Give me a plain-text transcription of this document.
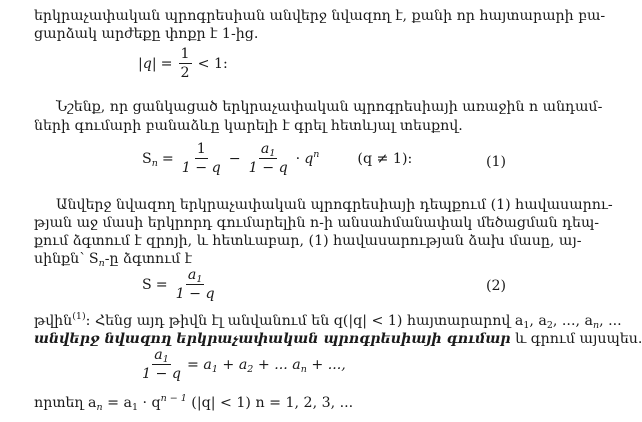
երկրաչափական պրոգրեսիան անվերջ նվազող է, քանի որ հայտարարի բա-
ցարձակ արժեքը փոքր է 1-ից.
$|q| = \frac{1}{2} < 1$:
Նշենք, որ ցանկացած երկրաչափական պրոգրեսիայի առաջին n անդամ-
ների գումարի բանաձևը կարելի է գրել հետևյալ տեսքով.
$S_n = \frac{1}{1 - q} - \frac{a_1}{1 - q} \cdot q^n$	(q ≠ 1):	(1)
Անվերջ նվազող երկրաչափական պրոգրեսիայի դեպքում (1) հավասարու-
թյան աջ մասի երկրորդ գումարելին n-ի անսահմանափակ մեծացման դեպ-
քում ձգտում է զրոյի, և հետևաբար, (1) հավասարության ձախ մասը, այ-
սինքն՝ $S_n-ը$ ձգտում է
$S = \frac{a_1}{1 - q}$	(2)
թվին$^{(1)}$: Հենց այդ թիվն էլ անվանում են q(|q| < 1) հայտարարով $a_1$, $a_2$, ..., $a_n$, ...
անվերջ նվազող երկրաչափական պրոգրեսիայի գումար և գրում այսպես.
$\frac{a_1}{1 - q} = a_1 + a_2$ + ... $a_n$ + ...,
որտեղ $a_n = a_1 \cdot q^{n - 1}$ (|q| < 1) n = 1, 2, 3, ...
